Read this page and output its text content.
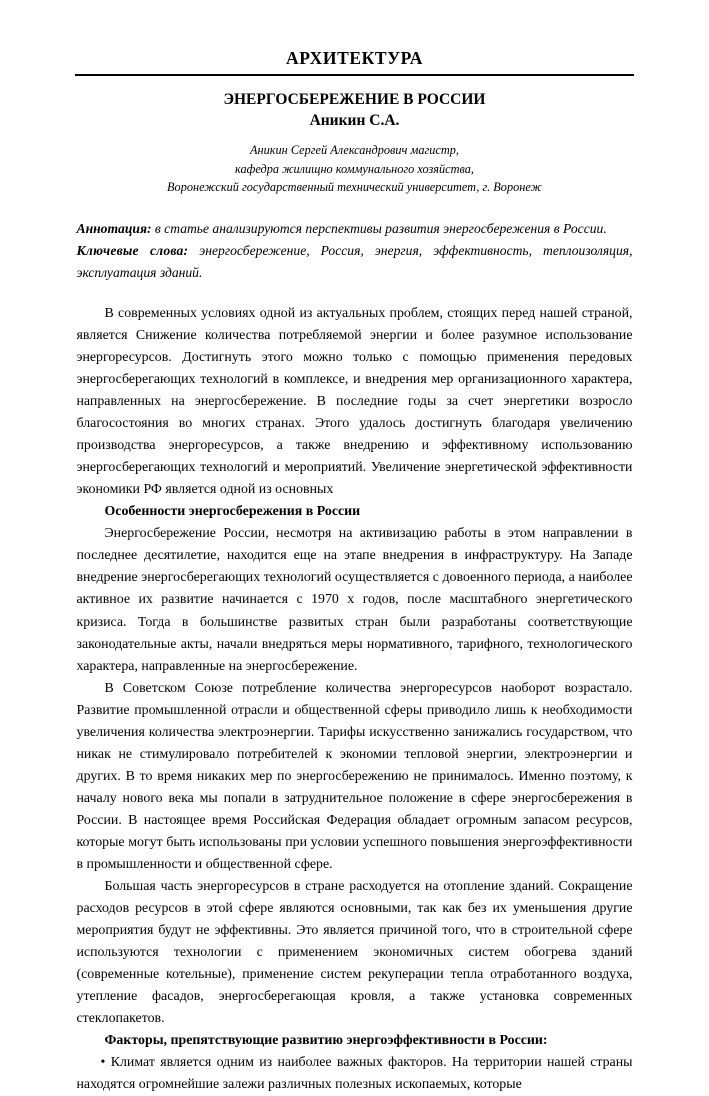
АРХИТЕКТУРА
ЭНЕРГОСБЕРЕЖЕНИЕ В РОССИИ
Аникин С.А.
Аникин Сергей Александрович магистр,
кафедра жилищно коммунального хозяйства,
Воронежский государственный технический университет, г. Воронеж

Аннотация: в статье анализируются перспективы развития энергосбережения в России.

Ключевые слова: энергосбережение, Россия, энергия, эффективность, теплоизоляция, эксплуатация зданий.

В современных условиях одной из актуальных проблем, стоящих перед нашей страной, является Снижение количества потребляемой энергии и более разумное использование энергоресурсов. Достигнуть этого можно только с помощью применения передовых энергосберегающих технологий в комплексе, и внедрения мер организационного характера, направленных на энергосбережение. В последние годы за счет энергетики возросло благосостояния во многих странах. Этого удалось достигнуть благодаря увеличению производства энергоресурсов, а также внедрению и эффективному использованию энергосберегающих технологий и мероприятий. Увеличение энергетической эффективности экономики РФ является одной из основных

Особенности энергосбережения в России

Энергосбережение России, несмотря на активизацию работы в этом направлении в последнее десятилетие, находится еще на этапе внедрения в инфраструктуру. На Западе внедрение энергосберегающих технологий осуществляется с довоенного периода, а наиболее активное их развитие начинается с 1970 х годов, после масштабного энергетического кризиса. Тогда в большинстве развитых стран были разработаны соответствующие законодательные акты, начали внедряться меры нормативного, тарифного, технологического характера, направленные на энергосбережение.

В Советском Союзе потребление количества энергоресурсов наоборот возрастало. Развитие промышленной отрасли и общественной сферы приводило лишь к необходимости увеличения количества электроэнергии. Тарифы искусственно занижались государством, что никак не стимулировало потребителей к экономии тепловой энергии, электроэнергии и других. В то время никаких мер по энергосбережению не принималось. Именно поэтому, к началу нового века мы попали в затруднительное положение в сфере энергосбережения в России. В настоящее время Российская Федерация обладает огромным запасом ресурсов, которые могут быть использованы при условии успешного повышения энергоэффективности в промышленности и общественной сфере.

Большая часть энергоресурсов в стране расходуется на отопление зданий. Сокращение расходов ресурсов в этой сфере являются основными, так как без их уменьшения другие мероприятия будут не эффективны. Это является причиной того, что в строительной сфере используются технологии с применением экономичных систем обогрева зданий (современные котельные), применение систем рекуперации тепла отработанного воздуха, утепление фасадов, энергосберегающая кровля, а также установка современных стеклопакетов.

Факторы, препятствующие развитию энергоэффективности в России:

• Климат является одним из наиболее важных факторов. На территории нашей страны находятся огромнейшие залежи различных полезных ископаемых, которые
